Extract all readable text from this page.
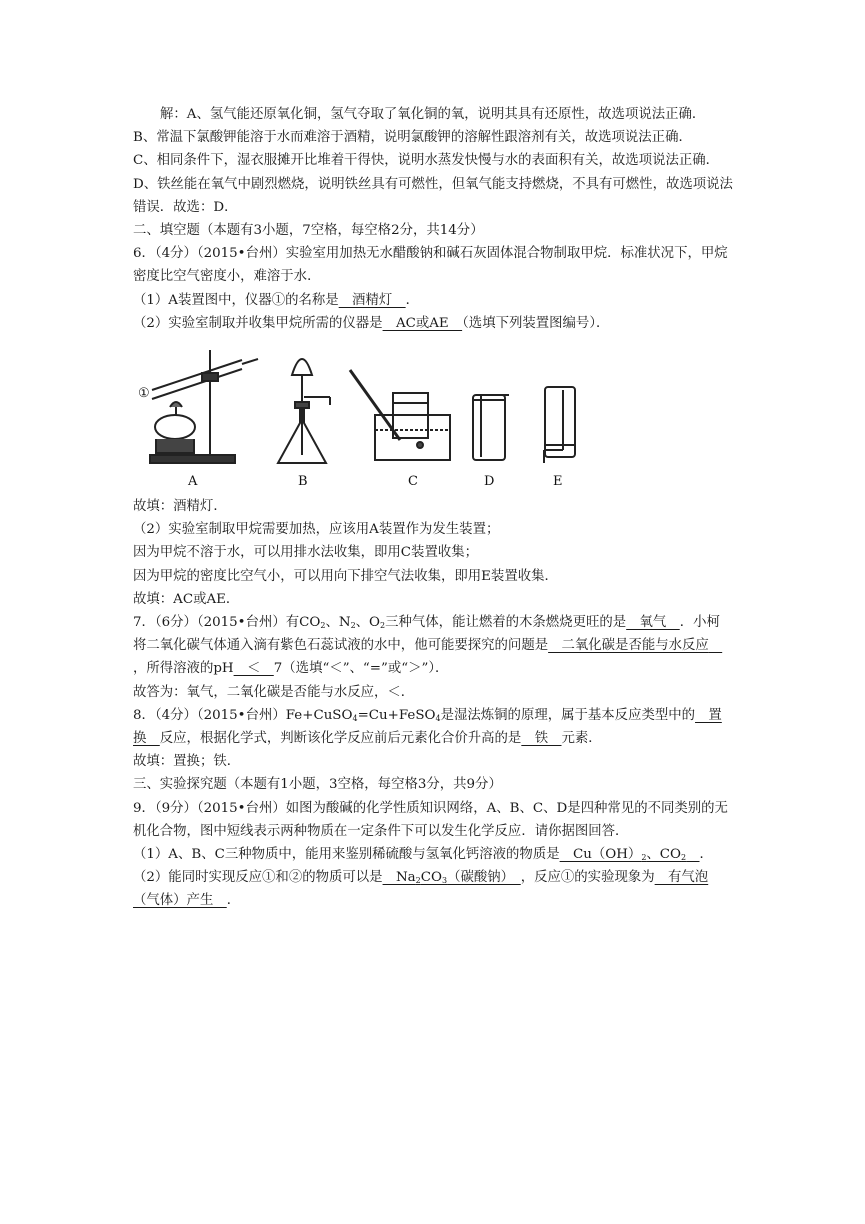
解：A、氢气能还原氧化铜，氢气夺取了氧化铜的氧，说明其具有还原性，故选项说法正确．

B、常温下氯酸钾能溶于水而难溶于酒精，说明氯酸钾的溶解性跟溶剂有关，故选项说法正确．

C、相同条件下，湿衣服摊开比堆着干得快，说明水蒸发快慢与水的表面积有关，故选项说法正确．

D、铁丝能在氧气中剧烈燃烧，说明铁丝具有可燃性，但氧气能支持燃烧，不具有可燃性，故选项说法错误．故选：D．

二、填空题（本题有3小题，7空格，每空格2分，共14分）

6．（4分）（2015•台州）实验室用加热无水醋酸钠和碱石灰固体混合物制取甲烷．标准状况下，甲烷密度比空气密度小，难溶于水．

（1）A装置图中，仪器①的名称是　酒精灯　．

（2）实验室制取并收集甲烷所需的仪器是　AC或AE　（选填下列装置图编号）．

①
A	B	C	D	E

故填：酒精灯．

（2）实验室制取甲烷需要加热，应该用A装置作为发生装置；

因为甲烷不溶于水，可以用排水法收集，即用C装置收集；

因为甲烷的密度比空气小，可以用向下排空气法收集，即用E装置收集．

故填：AC或AE．

7．（6分）（2015•台州）有$CO_2$、$N_2$、$O_2$三种气体，能让燃着的木条燃烧更旺的是　氧气　．小柯将二氧化碳气体通入滴有紫色石蕊试液的水中，他可能要探究的问题是　二氧化碳是否能与水反应　，所得溶液的pH　＜　7（选填“＜”、“=”或“＞”）．

故答为：氧气，二氧化碳是否能与水反应，＜．

8．（4分）（2015•台州）Fe+CuSO$_4$=Cu+FeSO$_4$是湿法炼铜的原理，属于基本反应类型中的　置换　反应，根据化学式，判断该化学反应前后元素化合价升高的是　铁　元素．

故填：置换；铁．

三、实验探究题（本题有1小题，3空格，每空格3分，共9分）

9．（9分）（2015•台州）如图为酸碱的化学性质知识网络，A、B、C、D是四种常见的不同类别的无机化合物，图中短线表示两种物质在一定条件下可以发生化学反应．请你据图回答．

（1）A、B、C三种物质中，能用来鉴别稀硫酸与氢氧化钙溶液的物质是　$Cu(OH)_2$、$CO_2$　 ．

（2）能同时实现反应①和②的物质可以是　$Na_2CO_3$（碳酸钠）　，反应①的实验现象为　有气泡（气体）产生　．
